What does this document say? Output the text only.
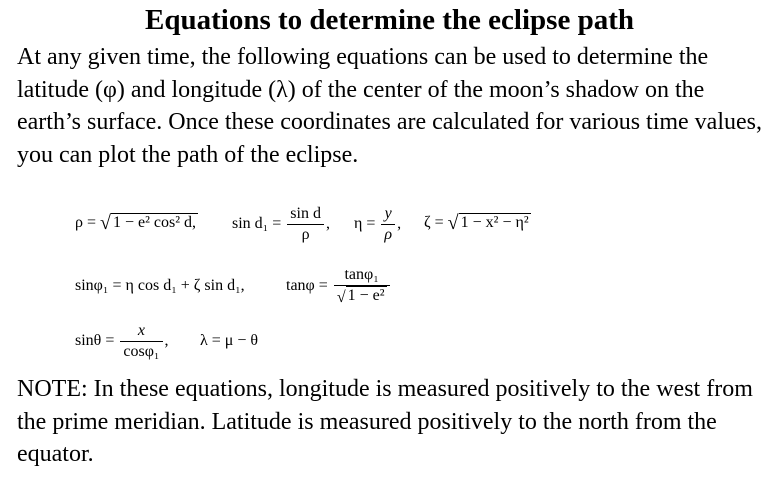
Equations to determine the eclipse path

At any given time, the following equations can be used to determine the latitude (φ) and longitude (λ) of the center of the moon’s shadow on the earth’s surface. Once these coordinates are calculated for various time values, you can plot the path of the eclipse.

ρ = √ 1 − e² cos² d, $\sin d_1 = \frac{\text{sin d}}{\rho}$ , $\eta = \frac{y}{\rho}$ , ζ = √ 1 − x² − η²
sinφ₁ = η cos d₁ + ζ sin d₁,	$\tan\varphi = \frac{\text{tanφ₁}}{\text{√ 1 − e²}}$
$\sin\theta = \frac{x}{\text{cosφ₁}}$ , λ = μ − θ

NOTE: In these equations, longitude is measured positively to the west from the prime meridian. Latitude is measured positively to the north from the equator.
